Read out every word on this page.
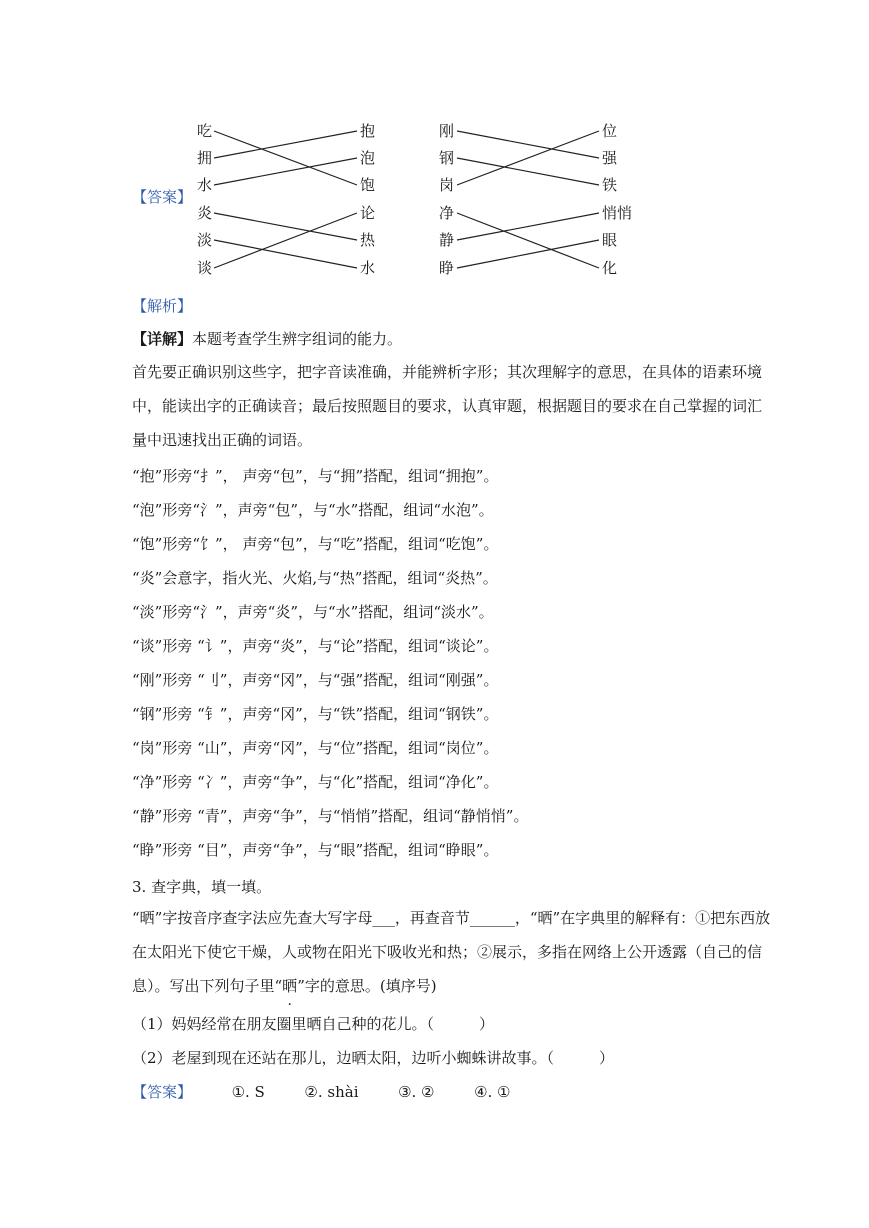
吃
拥
水
抱
泡
饱
炎
淡
谈
论
热
水
刚
钢
岗
位
强
铁
净
静
睁
悄悄
眼
化
【答案】
【解析】
【详解】本题考查学生辨字组词的能力。
首先要正确识别这些字，把字音读准确，并能辨析字形；其次理解字的意思，在具体的语素环境中，能读出字的正确读音；最后按照题目的要求，认真审题，根据题目的要求在自己掌握的词汇量中迅速找出正确的词语。
“抱”形旁“扌”， 声旁“包”，与“拥”搭配，组词“拥抱”。
“泡”形旁“氵”，声旁“包”，与“水”搭配，组词“水泡”。
“饱”形旁“饣”， 声旁“包”，与“吃”搭配，组词“吃饱”。
“炎”会意字，指火光、火焰,与“热”搭配，组词“炎热”。
“淡”形旁“氵”，声旁“炎”，与“水”搭配，组词“淡水”。
“谈”形旁 “讠”，声旁“炎”，与“论”搭配，组词“谈论”。
“刚”形旁 “刂”，声旁“冈”，与“强”搭配，组词“刚强”。
“钢”形旁 “钅”，声旁“冈”，与“铁”搭配，组词“钢铁”。
“岗”形旁 “山”，声旁“冈”，与“位”搭配，组词“岗位”。
“净”形旁 “冫”，声旁“争”，与“化”搭配，组词“净化”。
“静”形旁 “青”，声旁“争”，与“悄悄”搭配，组词“静悄悄”。
“睁”形旁 “目”，声旁“争”，与“眼”搭配，组词“睁眼”。
3. 查字典，填一填。
“晒”字按音序查字法应先查大写字母___，再查音节______，“晒”在字典里的解释有：①把东西放在太阳光下使它干燥，人或物在阳光下吸收光和热；②展示，多指在网络上公开透露（自己的信息）。写出下列句子里“晒”字的意思。(填序号)
（1）妈妈经常在朋友圈里晒自己种的花儿。（　　　）
（2）老屋到现在还站在那儿，边晒太阳，边听小蜘蛛讲故事。（　　　）
【答案】	①. S	②. shài	③. ②	④. ①
